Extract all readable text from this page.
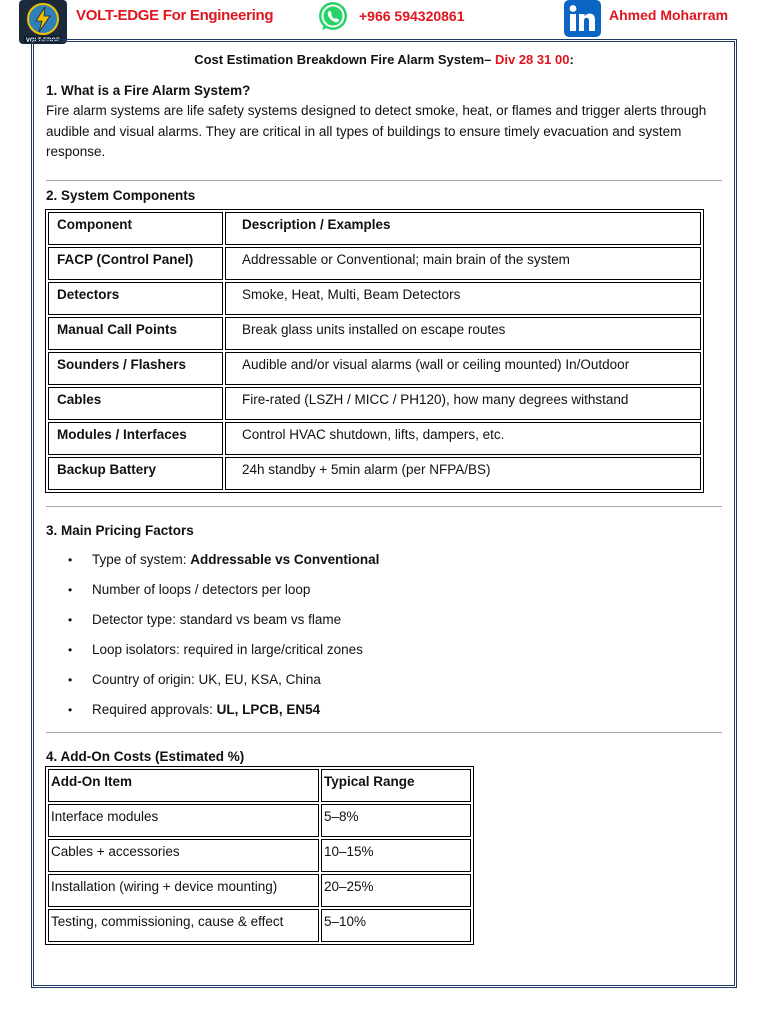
VOLT-EDGE
VOLT-EDGE For Engineering	+966 594320861	Ahmed Moharram

Cost Estimation Breakdown Fire Alarm System– Div 28 31 00:

1. What is a Fire Alarm System?

Fire alarm systems are life safety systems designed to detect smoke, heat, or flames and trigger alerts through audible and visual alarms. They are critical in all types of buildings to ensure timely evacuation and system response.

2. System Components

Component	Description / Examples
FACP (Control Panel)	Addressable or Conventional; main brain of the system
Detectors	Smoke, Heat, Multi, Beam Detectors
Manual Call Points	Break glass units installed on escape routes
Sounders / Flashers	Audible and/or visual alarms (wall or ceiling mounted) In/Outdoor
Cables	Fire-rated (LSZH / MICC / PH120), how many degrees withstand
Modules / Interfaces	Control HVAC shutdown, lifts, dampers, etc.
Backup Battery	24h standby + 5min alarm (per NFPA/BS)

3. Main Pricing Factors

• Type of system: Addressable vs Conventional
• Number of loops / detectors per loop
• Detector type: standard vs beam vs flame
• Loop isolators: required in large/critical zones
• Country of origin: UK, EU, KSA, China
• Required approvals: UL, LPCB, EN54

4. Add-On Costs (Estimated %)

Add-On Item	Typical Range
Interface modules	5–8%
Cables + accessories	10–15%
Installation (wiring + device mounting)	20–25%
Testing, commissioning, cause & effect	5–10%
